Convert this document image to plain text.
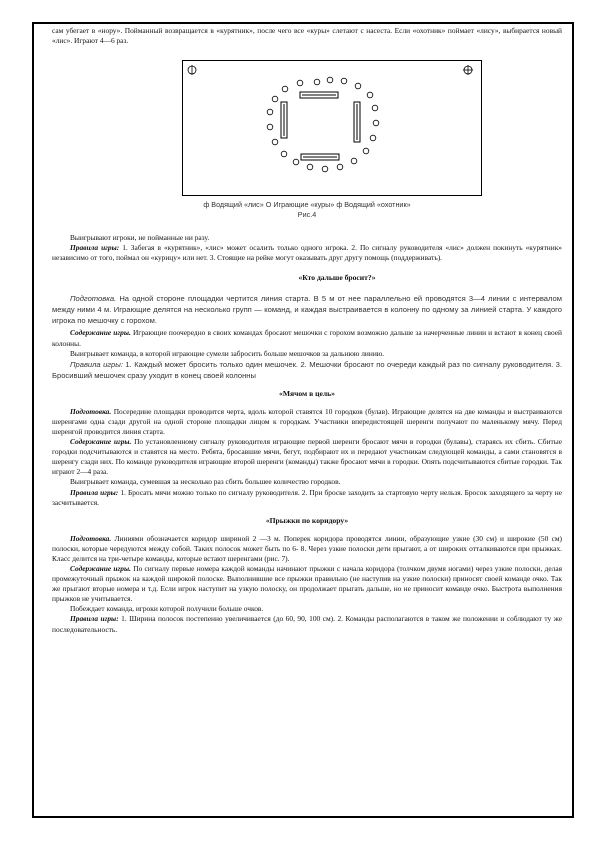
сам убегает в «нору». Пойманный возвращается в «курятник», после чего все «куры» слетают с насеста. Если «охотник» поймает «лису», выбирается новый «лис». Играют 4—6 раз.

ф Водящий «лис» О Играющие «куры» ф Водящий «охотник»
Рис.4

Выигрывают игроки, не пойманные ни разу.

Правила игры: 1. Забегая в «курятник», «лис» может осалить только одного игрока. 2. По сигналу руководителя «лис» должен покинуть «курятник» независимо от того, поймал он «курицу» или нет. 3. Стоящие на рейке могут оказывать друг другу помощь (поддерживать).

«Кто дальше бросит?»

Подготовка. На одной стороне площадки чертится линия старта. В 5 м от нее параллельно ей проводятся 3—4 линии с интервалом между ними 4 м. Играющие делятся на несколько групп — команд, и каждая выстраивается в колонну по одному за линией старта. У каждого игрока по мешочку с горохом.

Содержание игры. Играющие поочередно в своих командах бросают мешочки с горохом возможно дальше за начерченные линии и встают в конец своей колонны.

Выигрывает команда, в которой играющие сумели забросить больше мешочков за дальнюю линию.

Правила игры: 1. Каждый может бросить только один мешочек. 2. Мешочки бросают по очереди каждый раз по сигналу руководителя. 3. Бросивший мешочек сразу уходит в конец своей колонны

«Мячом в цель»

Подготовка. Посередине площадки проводится черта, вдоль которой ставятся 10 городков (булав). Играющие делятся на две команды и выстраиваются шеренгами одна сзади другой на одной стороне площадки лицом к городкам. Участники впередистоящей шеренги получают по маленькому мячу. Перед шеренгой проводится линия старта.

Содержание игры. По установленному сигналу руководителя играющие первой шеренги бросают мячи в городки (булавы), стараясь их сбить. Сбитые городки подсчитываются и ставятся на место. Ребята, бросавшие мячи, бегут, подбирают их и передают участникам следующей команды, а сами становятся в шеренгу сзади них. По команде руководителя играющие второй шеренги (команды) также бросают мячи в городки. Опять подсчитываются сбитые городки. Так играют 2—4 раза.

Выигрывает команда, сумевшая за несколько раз сбить большее количество городков.

Правила игры: 1. Бросать мячи можно только по сигналу руководителя. 2. При броске заходить за стартовую черту нельзя. Бросок заходящего за черту не засчитывается.

«Прыжки по коридору»

Подготовка. Линиями обозначается коридор шириной 2 —3 м. Поперек коридора проводятся линии, образующие узкие (30 см) и широкие (50 см) полоски, которые чередуются между собой. Таких полосок может быть по 6- 8. Через узкие полоски дети прыгают, а от широких отталкиваются при прыжках. Класс делится на три-четыре команды, которые встают шеренгами (рис. 7).

Содержание игры. По сигналу первые номера каждой команды начинают прыжки с начала коридора (толчком двумя ногами) через узкие полоски, делая промежуточный прыжок на каждой широкой полоске. Выполнившие все прыжки правильно (не наступив на узкие полоски) приносят своей команде очко. Так же прыгают вторые номера и т.д. Если игрок наступит на узкую полоску, он продолжает прыгать дальше, но не приносит команде очко. Быстрота выполнения прыжков не учитывается.

Побеждает команда, игроки которой получили больше очков.

Правила игры: 1. Ширина полосок постепенно увеличивается (до 60, 90, 100 см). 2. Команды располагаются в таком же положении и соблюдают ту же последовательность.
